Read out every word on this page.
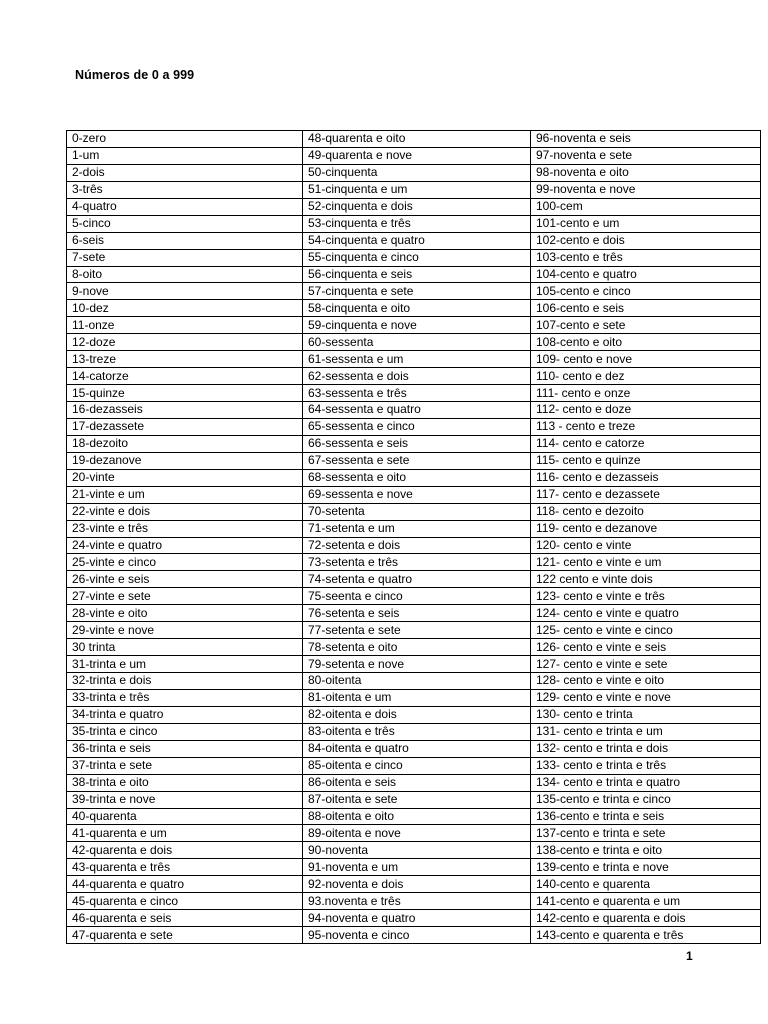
Números de 0 a 999
0-zero	48-quarenta e oito	96-noventa e seis
1-um	49-quarenta e nove	97-noventa e sete
2-dois	50-cinquenta	98-noventa e oito
3-três	51-cinquenta e um	99-noventa e nove
4-quatro	52-cinquenta e dois	100-cem
5-cinco	53-cinquenta e três	101-cento e um
6-seis	54-cinquenta e quatro	102-cento e dois
7-sete	55-cinquenta e cinco	103-cento e três
8-oito	56-cinquenta e seis	104-cento e quatro
9-nove	57-cinquenta e sete	105-cento e cinco
10-dez	58-cinquenta e oito	106-cento e seis
11-onze	59-cinquenta e nove	107-cento e sete
12-doze	60-sessenta	108-cento e oito
13-treze	61-sessenta e um	109- cento e nove
14-catorze	62-sessenta e dois	110- cento e dez
15-quinze	63-sessenta e três	111- cento e onze
16-dezasseis	64-sessenta e quatro	112- cento e doze
17-dezassete	65-sessenta e cinco	113 - cento e treze
18-dezoito	66-sessenta e seis	114- cento e catorze
19-dezanove	67-sessenta e sete	115- cento e quinze
20-vinte	68-sessenta e oito	116- cento e dezasseis
21-vinte e um	69-sessenta e nove	117- cento e dezassete
22-vinte e dois	70-setenta	118- cento e dezoito
23-vinte e três	71-setenta e um	119- cento e dezanove
24-vinte e quatro	72-setenta e dois	120- cento e vinte
25-vinte e cinco	73-setenta e três	121- cento e vinte e um
26-vinte e seis	74-setenta e quatro	122 cento e vinte dois
27-vinte e sete	75-seenta e cinco	123- cento e vinte e três
28-vinte e oito	76-setenta e seis	124- cento e vinte e quatro
29-vinte e nove	77-setenta e sete	125- cento e vinte e cinco
30 trinta	78-setenta e oito	126- cento e vinte e seis
31-trinta e um	79-setenta e nove	127- cento e vinte e sete
32-trinta e dois	80-oitenta	128- cento e vinte e oito
33-trinta e três	81-oitenta e um	129- cento e vinte e nove
34-trinta e quatro	82-oitenta e dois	130- cento e trinta
35-trinta e cinco	83-oitenta e três	131- cento e trinta e um
36-trinta e seis	84-oitenta e quatro	132- cento e trinta e dois
37-trinta e sete	85-oitenta e cinco	133- cento e trinta e três
38-trinta e oito	86-oitenta e seis	134- cento e trinta e quatro
39-trinta e nove	87-oitenta e sete	135-cento e trinta e cinco
40-quarenta	88-oitenta e oito	136-cento e trinta e seis
41-quarenta e um	89-oitenta e nove	137-cento e trinta e sete
42-quarenta e dois	90-noventa	138-cento e trinta e oito
43-quarenta e três	91-noventa e um	139-cento e trinta e nove
44-quarenta e quatro	92-noventa e dois	140-cento e quarenta
45-quarenta e cinco	93.noventa e três	141-cento e quarenta e um
46-quarenta e seis	94-noventa e quatro	142-cento e quarenta e dois
47-quarenta e sete	95-noventa e cinco	143-cento e quarenta e três
1
